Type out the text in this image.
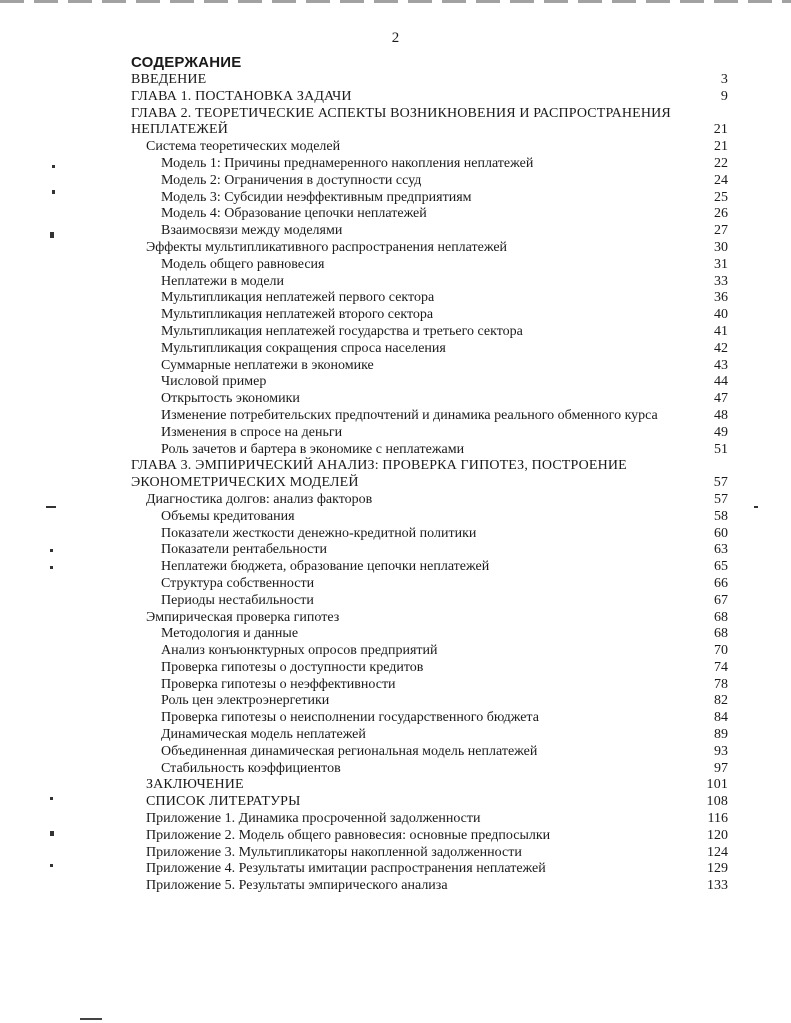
2
СОДЕРЖАНИЕ
ВВЕДЕНИЕ	3
ГЛАВА 1. ПОСТАНОВКА ЗАДАЧИ	9
ГЛАВА 2. ТЕОРЕТИЧЕСКИЕ АСПЕКТЫ ВОЗНИКНОВЕНИЯ И РАСПРОСТРАНЕНИЯ
НЕПЛАТЕЖЕЙ	21
Система теоретических моделей	21
Модель 1: Причины преднамеренного накопления неплатежей	22
Модель 2: Ограничения в доступности ссуд	24
Модель 3: Субсидии неэффективным предприятиям	25
Модель 4: Образование цепочки неплатежей	26
Взаимосвязи между моделями	27
Эффекты мультипликативного распространения неплатежей	30
Модель общего равновесия	31
Неплатежи в модели	33
Мультипликация неплатежей первого сектора	36
Мультипликация неплатежей второго сектора	40
Мультипликация неплатежей государства и третьего сектора	41
Мультипликация сокращения спроса населения	42
Суммарные неплатежи в экономике	43
Числовой пример	44
Открытость экономики	47
Изменение потребительских предпочтений и динамика реального обменного курса	48
Изменения в спросе на деньги	49
Роль зачетов и бартера в экономике с неплатежами	51
ГЛАВА 3. ЭМПИРИЧЕСКИЙ АНАЛИЗ: ПРОВЕРКА ГИПОТЕЗ, ПОСТРОЕНИЕ
ЭКОНОМЕТРИЧЕСКИХ МОДЕЛЕЙ	57
Диагностика долгов: анализ факторов	57
Объемы кредитования	58
Показатели жесткости денежно-кредитной политики	60
Показатели рентабельности	63
Неплатежи бюджета, образование цепочки неплатежей	65
Структура собственности	66
Периоды нестабильности	67
Эмпирическая проверка гипотез	68
Методология и данные	68
Анализ конъюнктурных опросов предприятий	70
Проверка гипотезы о доступности кредитов	74
Проверка гипотезы о неэффективности	78
Роль цен электроэнергетики	82
Проверка гипотезы о неисполнении государственного бюджета	84
Динамическая модель неплатежей	89
Объединенная динамическая региональная модель неплатежей	93
Стабильность коэффициентов	97
ЗАКЛЮЧЕНИЕ	101
СПИСОК ЛИТЕРАТУРЫ	108
Приложение 1. Динамика просроченной задолженности	116
Приложение 2. Модель общего равновесия: основные предпосылки	120
Приложение 3. Мультипликаторы накопленной задолженности	124
Приложение 4. Результаты имитации распространения неплатежей	129
Приложение 5. Результаты эмпирического анализа	133
